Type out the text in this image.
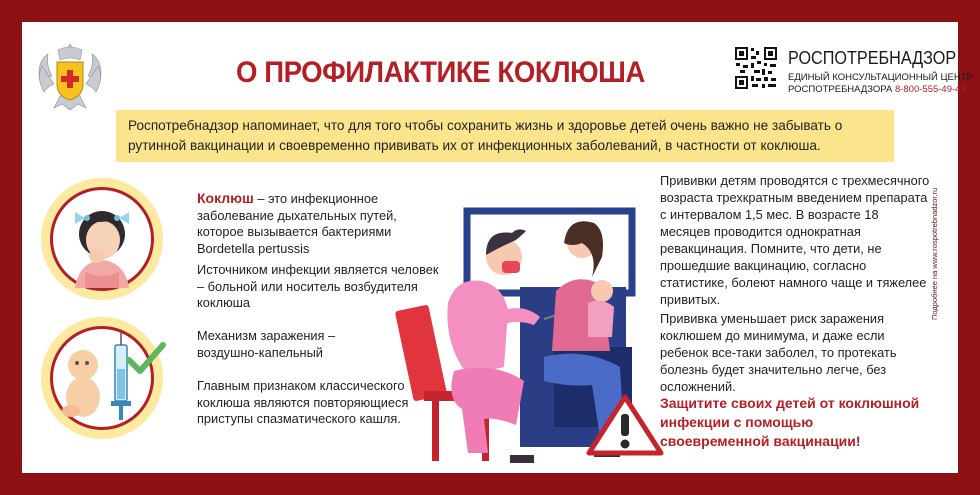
О ПРОФИЛАКТИКЕ КОКЛЮША	РОСПОТРЕБНАДЗОР
ЕДИНЫЙ КОНСУЛЬТАЦИОННЫЙ ЦЕНТР
РОСПОТРЕБНАДЗОРА 8-800-555-49-43
Роспотребнадзор напоминает, что для того чтобы сохранить жизнь и здоровье детей очень важно не забывать о рутинной вакцинации и своевременно прививать их от инфекционных заболеваний, в частности от коклюша.
Коклюш – это инфекционное заболевание дыхательных путей, которое вызывается бактериями Bordetella pertussis
Источником инфекции является человек – больной или носитель возбудителя коклюша
Механизм заражения – воздушно-капельный
Главным признаком классического коклюша являются повторяющиеся приступы спазматического кашля.
Прививки детям проводятся с трехмесячного возраста трехкратным введением препарата с интервалом 1,5 мес. В возрасте 18 месяцев проводится однократная ревакцинация. Помните, что дети, не прошедшие вакцинацию, согласно статистике, болеют намного чаще и тяжелее привитых.
Прививка уменьшает риск заражения коклюшем до минимума, и даже если ребенок все-таки заболел, то протекать болезнь будет значительно легче, без осложнений.
Защитите своих детей от коклюшной инфекции с помощью своевременной вакцинации!
Подробнее на www.rospotrebnadzor.ru
